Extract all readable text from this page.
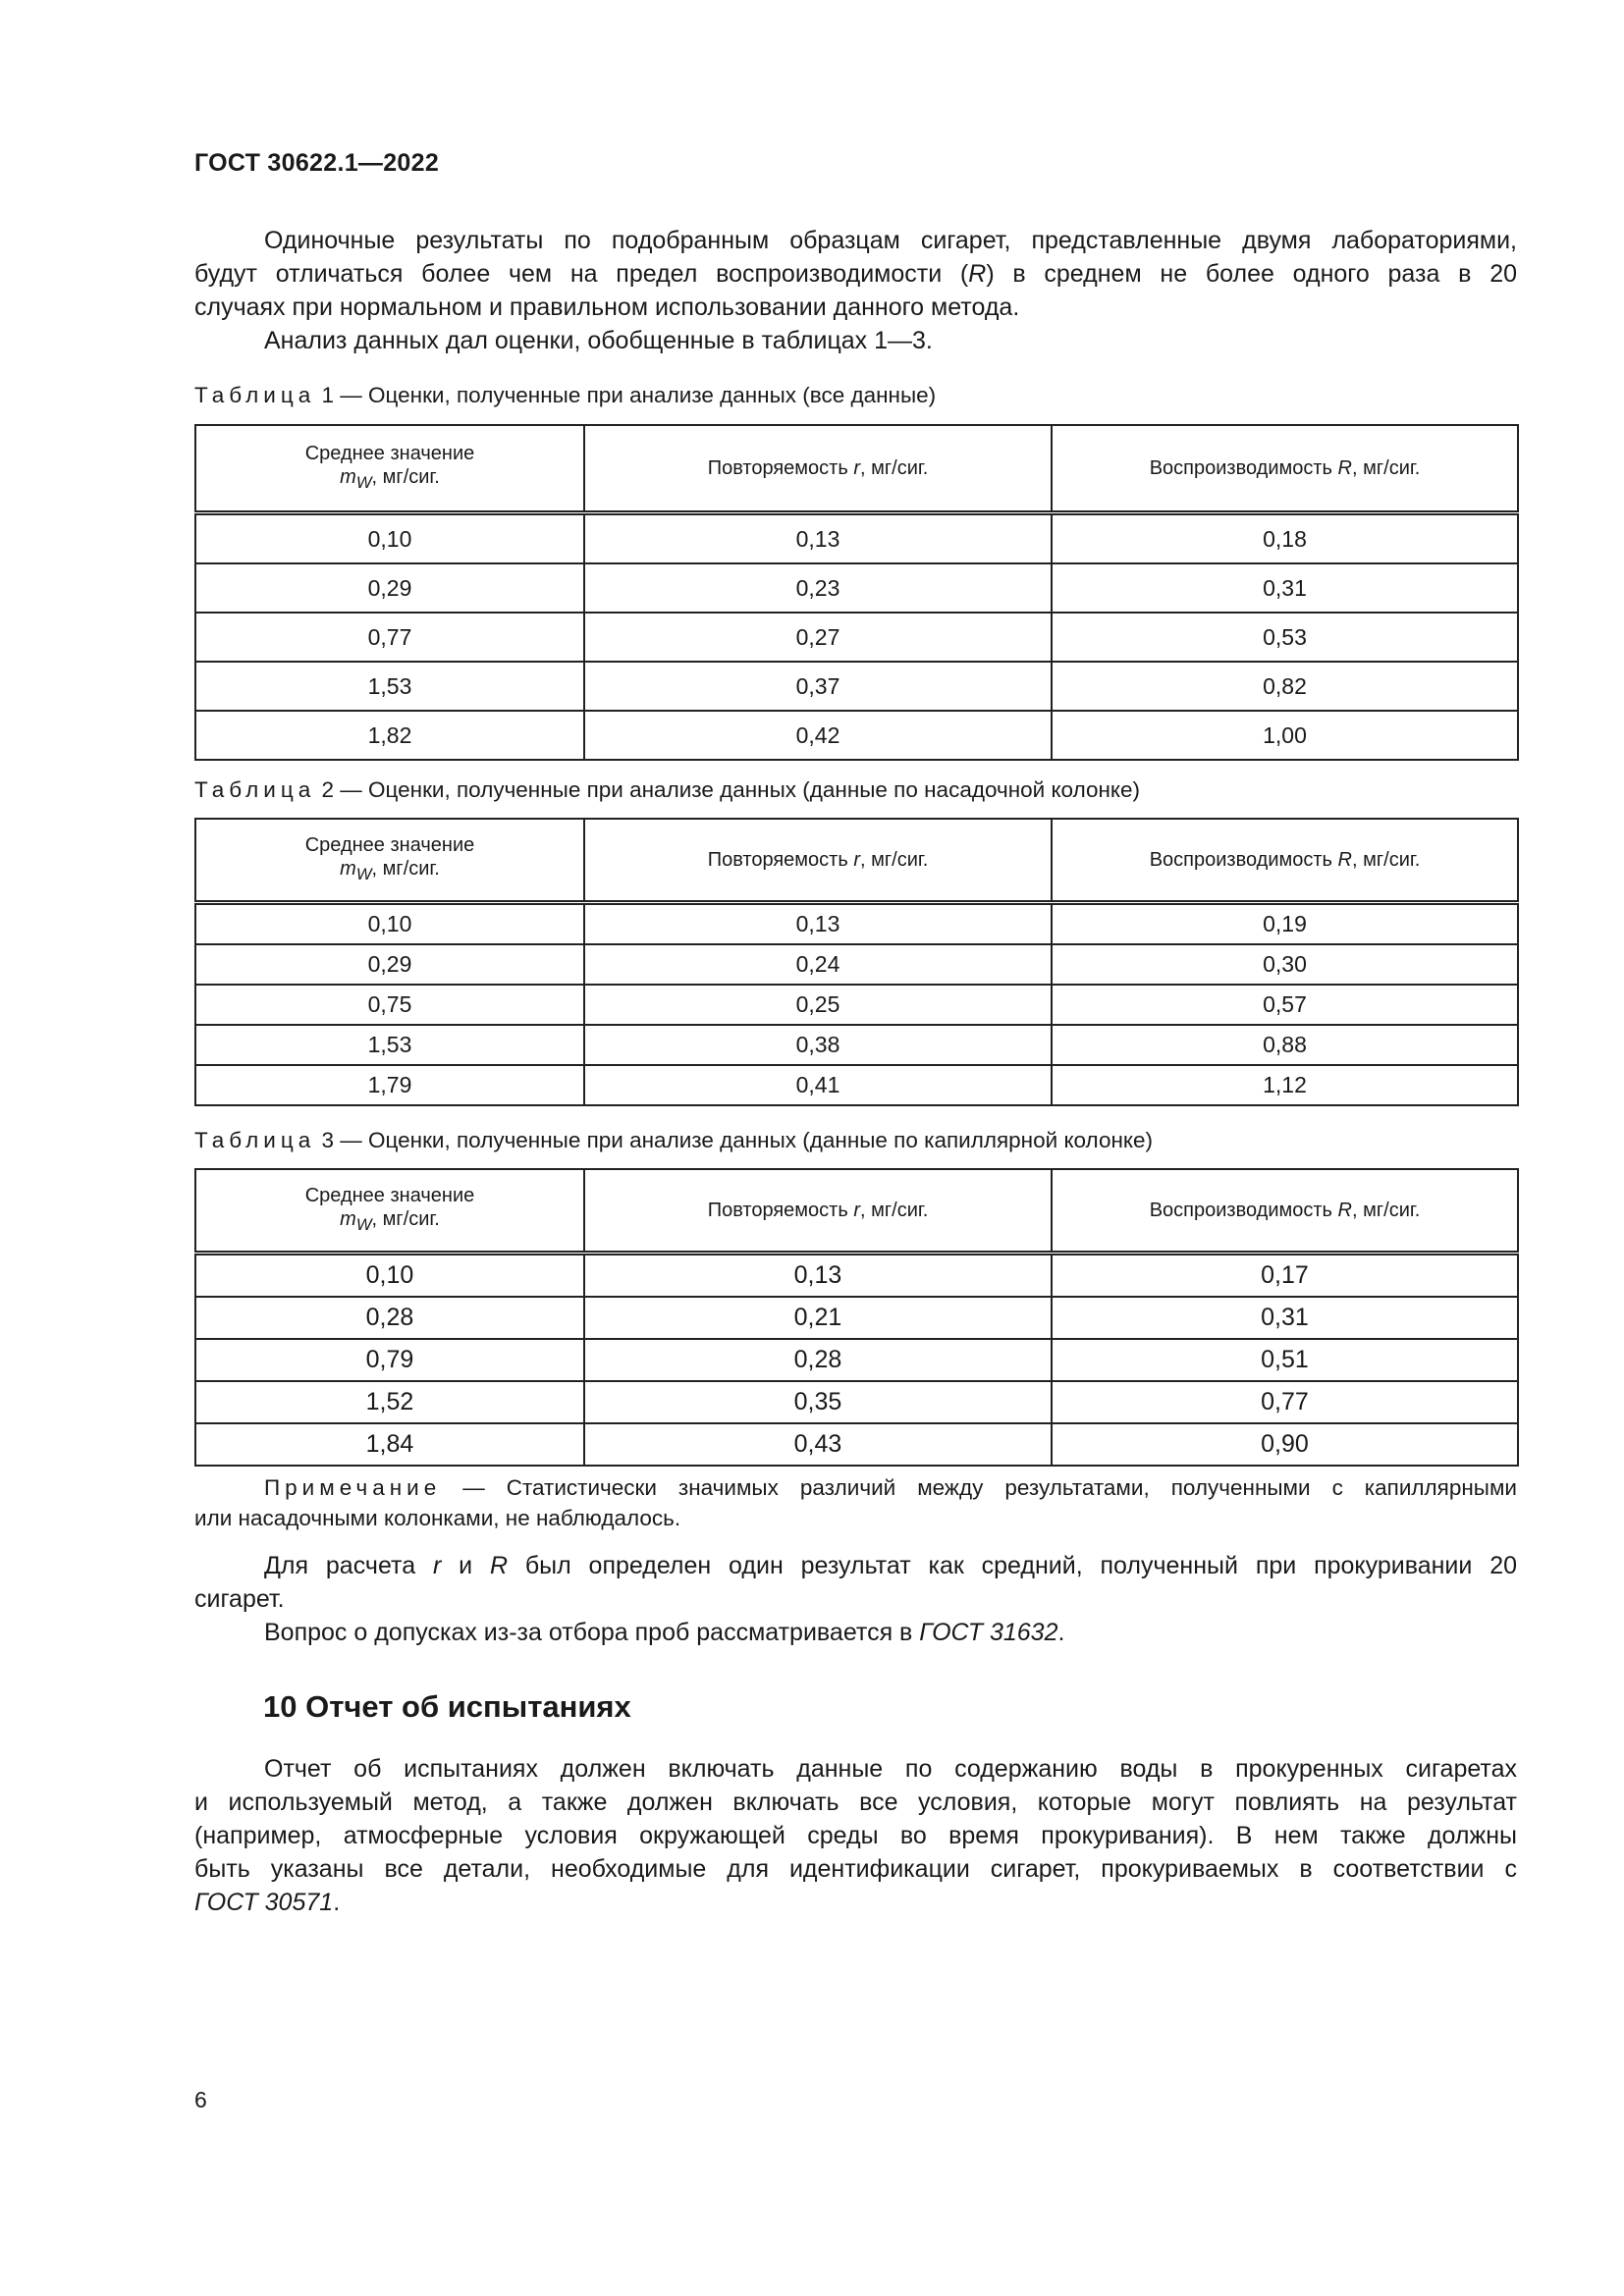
ГОСТ 30622.1—2022
Одиночные результаты по подобранным образцам сигарет, представленные двумя лабораториями,
будут отличаться более чем на предел воспроизводимости (R) в среднем не более одного раза в 20
случаях при нормальном и правильном использовании данного метода.
Анализ данных дал оценки, обобщенные в таблицах 1—3.
Таблица 1 — Оценки, полученные при анализе данных (все данные)
Среднее значение
$m_W$, мг/сиг.	Повторяемость r, мг/сиг.	Воспроизводимость R, мг/сиг.
0,10	0,13	0,18
0,29	0,23	0,31
0,77	0,27	0,53
1,53	0,37	0,82
1,82	0,42	1,00
Таблица 2 — Оценки, полученные при анализе данных (данные по насадочной колонке)
Среднее значение
$m_W$, мг/сиг.	Повторяемость r, мг/сиг.	Воспроизводимость R, мг/сиг.
0,10	0,13	0,19
0,29	0,24	0,30
0,75	0,25	0,57
1,53	0,38	0,88
1,79	0,41	1,12
Таблица 3 — Оценки, полученные при анализе данных (данные по капиллярной колонке)
Среднее значение
$m_W$, мг/сиг.	Повторяемость r, мг/сиг.	Воспроизводимость R, мг/сиг.
0,10	0,13	0,17
0,28	0,21	0,31
0,79	0,28	0,51
1,52	0,35	0,77
1,84	0,43	0,90
Примечание — Статистически значимых различий между результатами, полученными с капиллярными
или насадочными колонками, не наблюдалось.
Для расчета r и R был определен один результат как средний, полученный при прокуривании 20
сигарет.
Вопрос о допусках из-за отбора проб рассматривается в ГОСТ 31632.
10 Отчет об испытаниях
Отчет об испытаниях должен включать данные по содержанию воды в прокуренных сигаретах
и используемый метод, а также должен включать все условия, которые могут повлиять на результат
(например, атмосферные условия окружающей среды во время прокуривания). В нем также должны
быть указаны все детали, необходимые для идентификации сигарет, прокуриваемых в соответствии с
ГОСТ 30571.
6
